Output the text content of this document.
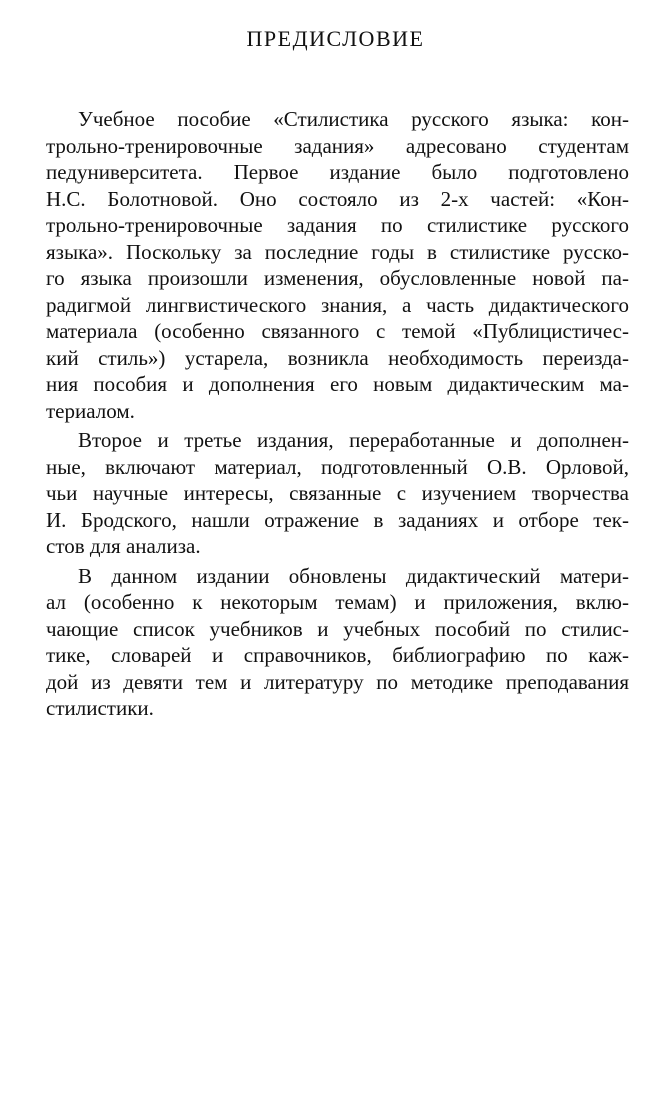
ПРЕДИСЛОВИЕ
Учебное пособие «Стилистика русского языка: кон-
трольно-тренировочные задания» адресовано студентам
педуниверситета. Первое издание было подготовлено
Н.С. Болотновой. Оно состояло из 2-х частей: «Кон-
трольно-тренировочные задания по стилистике русского
языка». Поскольку за последние годы в стилистике русско-
го языка произошли изменения, обусловленные новой па-
радигмой лингвистического знания, а часть дидактического
материала (особенно связанного с темой «Публицистичес-
кий стиль») устарела, возникла необходимость переизда-
ния пособия и дополнения его новым дидактическим ма-
териалом.
Второе и третье издания, переработанные и дополнен-
ные, включают материал, подготовленный О.В. Орловой,
чьи научные интересы, связанные с изучением творчества
И. Бродского, нашли отражение в заданиях и отборе тек-
стов для анализа.
В данном издании обновлены дидактический матери-
ал (особенно к некоторым темам) и приложения, вклю-
чающие список учебников и учебных пособий по стилис-
тике, словарей и справочников, библиографию по каж-
дой из девяти тем и литературу по методике преподавания
стилистики.
